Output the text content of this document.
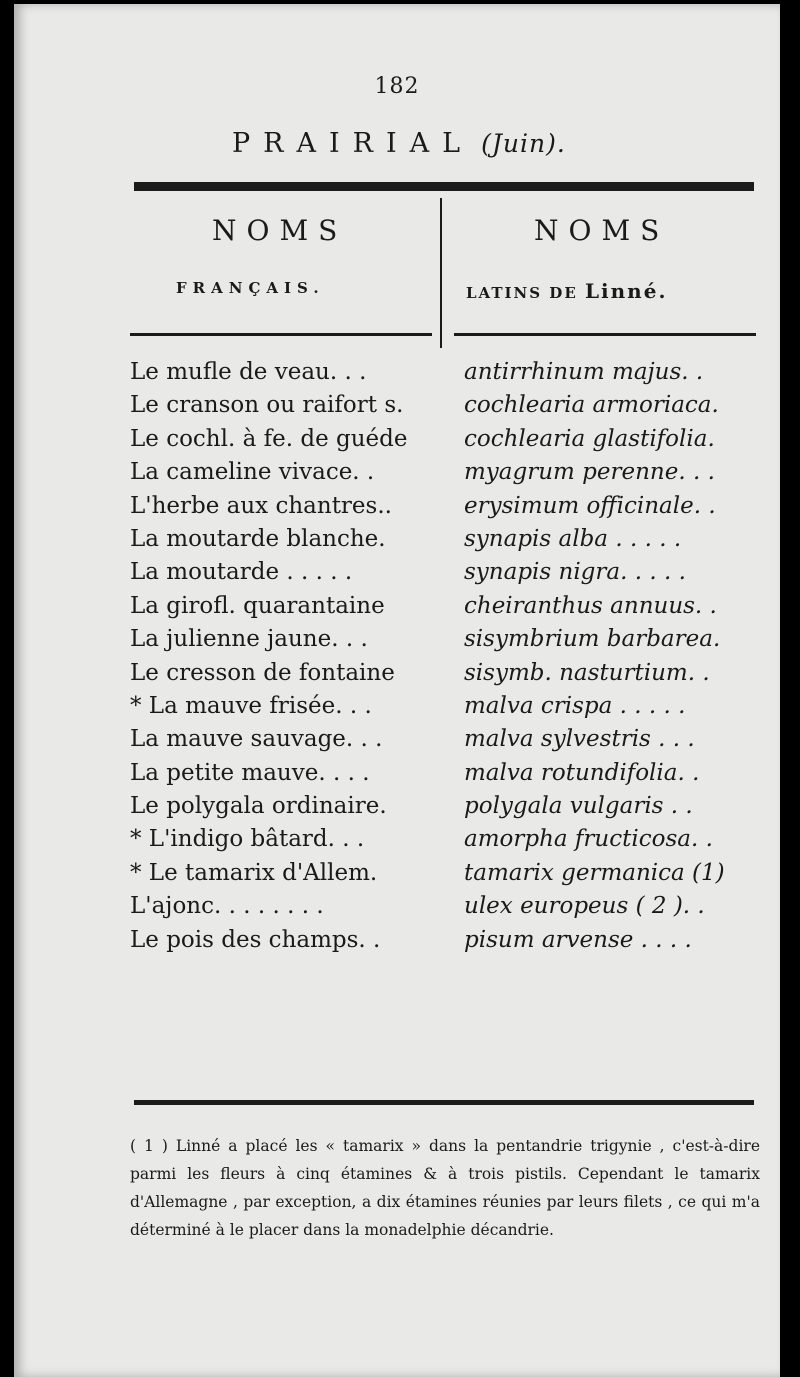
182
PRAIRIAL (Juin).
NOMS
FRANÇAIS.
NOMS
LATINS DE Linné.
Le mufle de veau. . .	antirrhinum majus. .
Le cranson ou raifort s.	cochlearia armoriaca.
Le cochl. à fe. de guéde	cochlearia glastifolia.
La cameline vivace. .	myagrum perenne. . .
L'herbe aux chantres..	erysimum officinale. .
La moutarde blanche.	synapis alba . . . . .
La moutarde . . . . .	synapis nigra. . . . .
La girofl. quarantaine	cheiranthus annuus. .
La julienne jaune. . .	sisymbrium barbarea.
Le cresson de fontaine	sisymb. nasturtium. .
* La mauve frisée. . .	malva crispa . . . . .
La mauve sauvage. . .	malva sylvestris . . .
La petite mauve. . . .	malva rotundifolia. .
Le polygala ordinaire.	polygala vulgaris . .
* L'indigo bâtard. . .	amorpha fructicosa. .
* Le tamarix d'Allem.	tamarix germanica (1)
L'ajonc. . . . . . . .	ulex europeus ( 2 ). .
Le pois des champs. .	pisum arvense . . . .
( 1 ) Linné a placé les « tamarix » dans la pentandrie trigynie , c'est-à-dire parmi les fleurs à cinq étamines & à trois pistils. Cependant le tamarix d'Allemagne , par exception, a dix étamines réunies par leurs filets , ce qui m'a déterminé à le placer dans la monadelphie décandrie.
